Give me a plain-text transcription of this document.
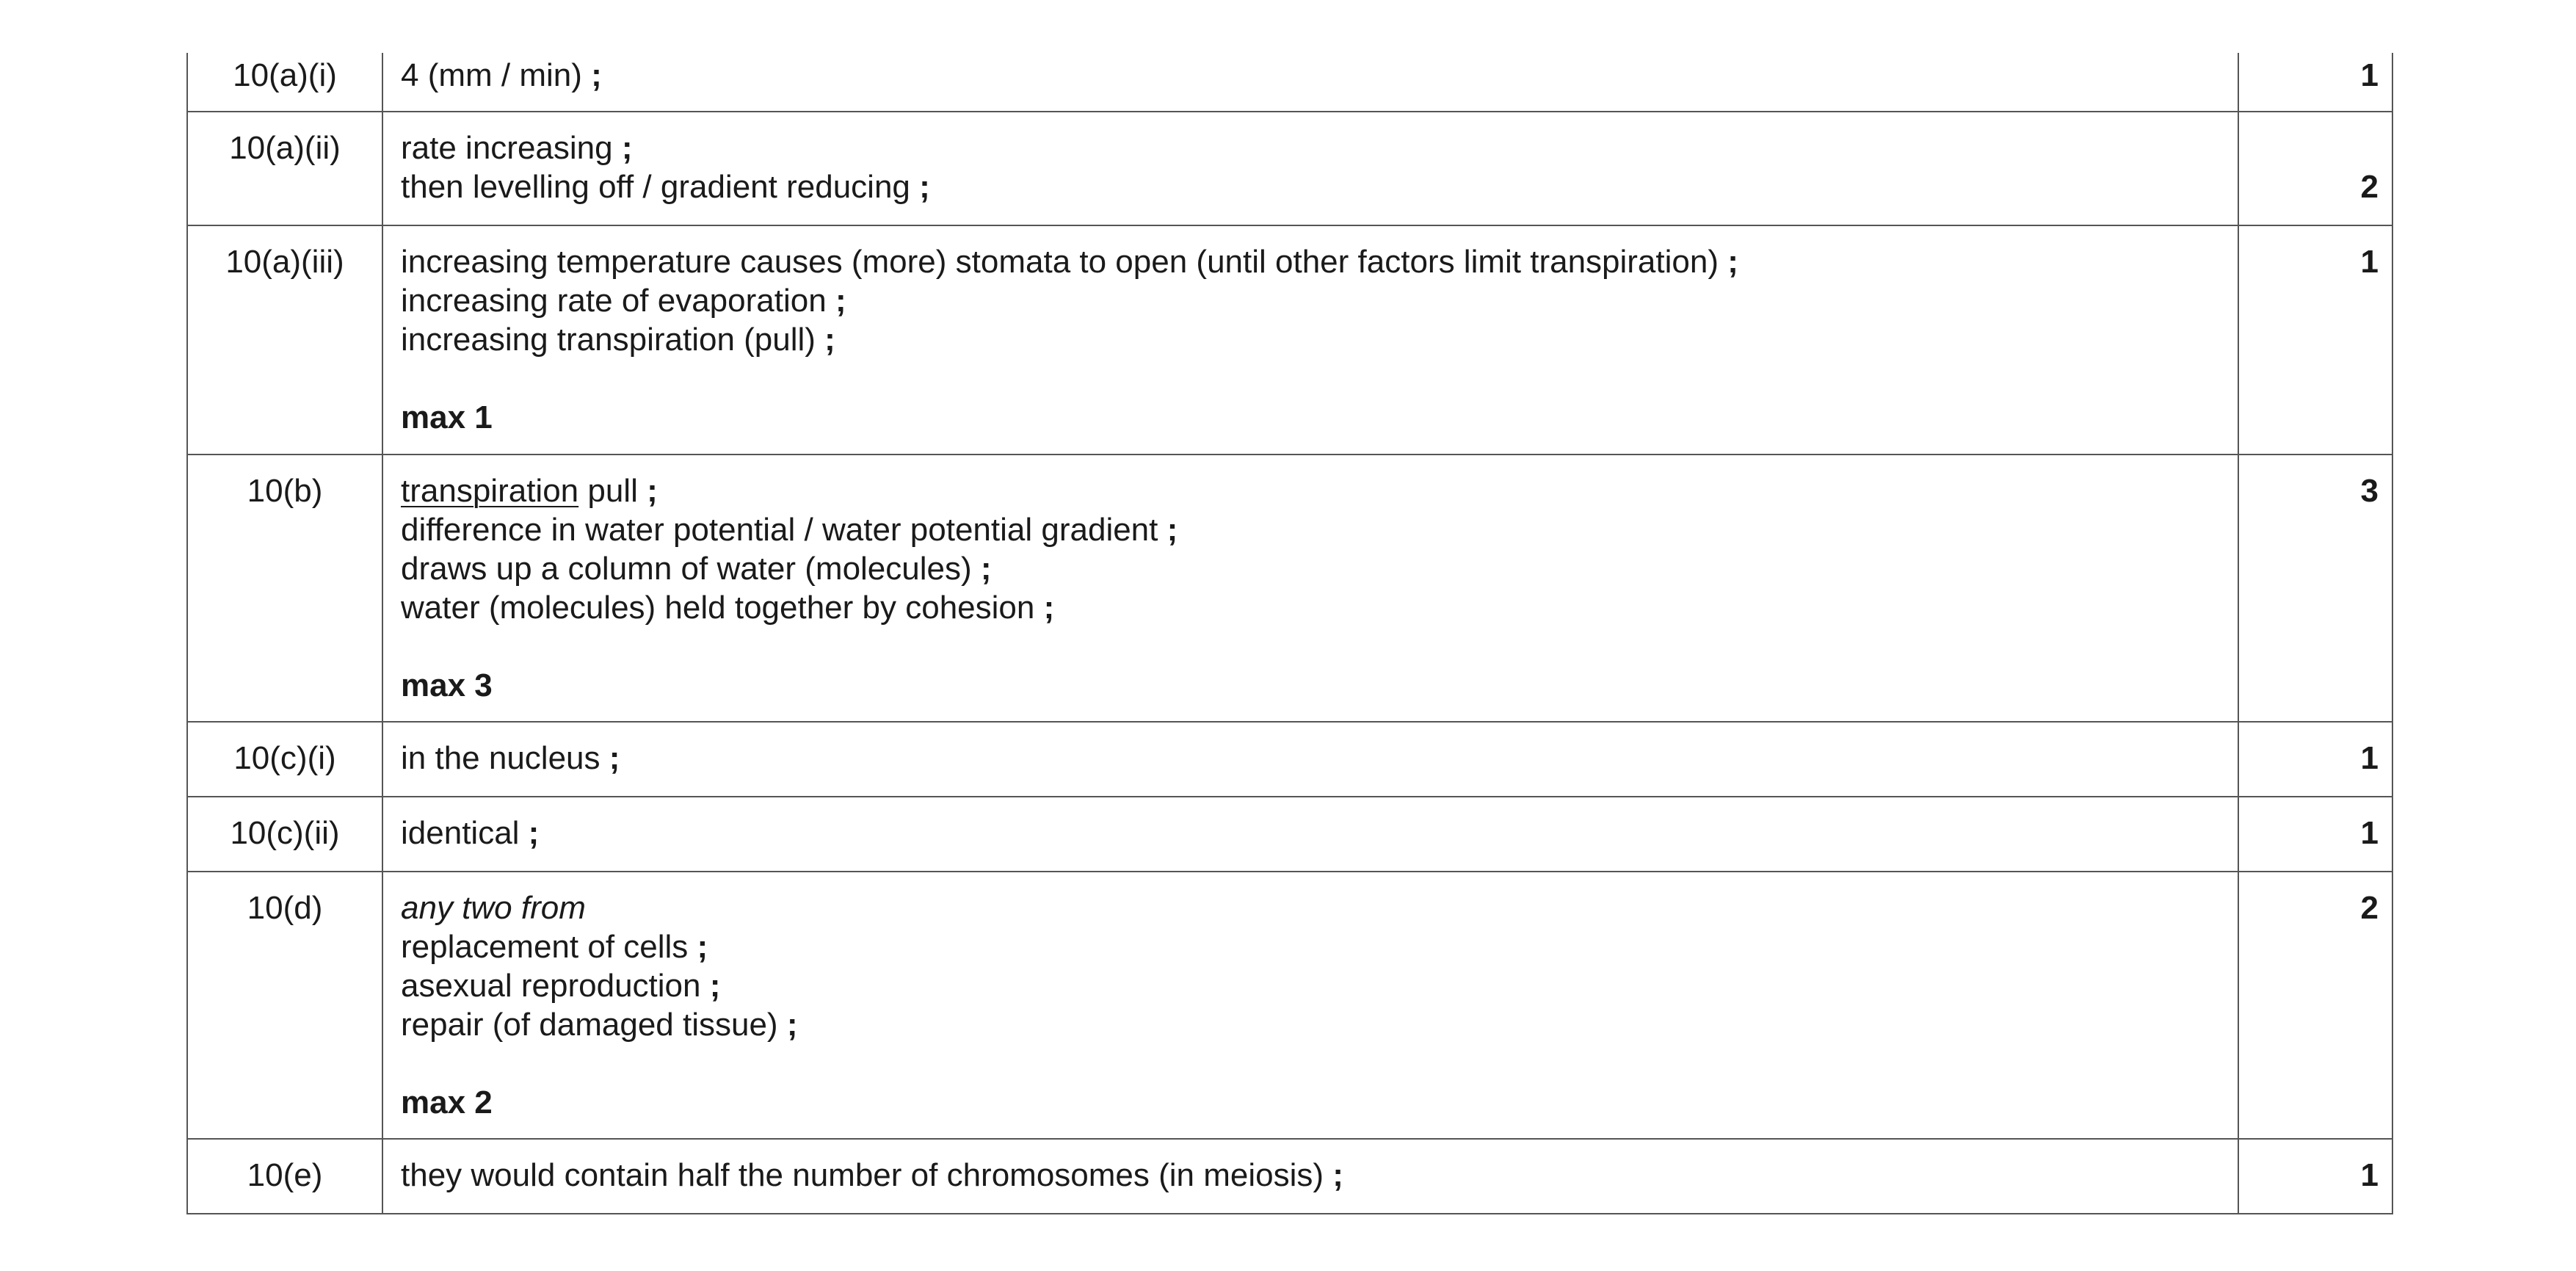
10(a)(i)	4 (mm / min) ;	1
10(a)(ii)	rate increasing ;
then levelling off / gradient reducing ;	2
10(a)(iii)	increasing temperature causes (more) stomata to open (until other factors limit transpiration) ;
increasing rate of evaporation ;
increasing transpiration (pull) ;
max 1	1
10(b)	transpiration pull ;
difference in water potential / water potential gradient ;
draws up a column of water (molecules) ;
water (molecules) held together by cohesion ;
max 3	3
10(c)(i)	in the nucleus ;	1
10(c)(ii)	identical ;	1
10(d)	any two from
replacement of cells ;
asexual reproduction ;
repair (of damaged tissue) ;
max 2	2
10(e)	they would contain half the number of chromosomes (in meiosis) ;	1
